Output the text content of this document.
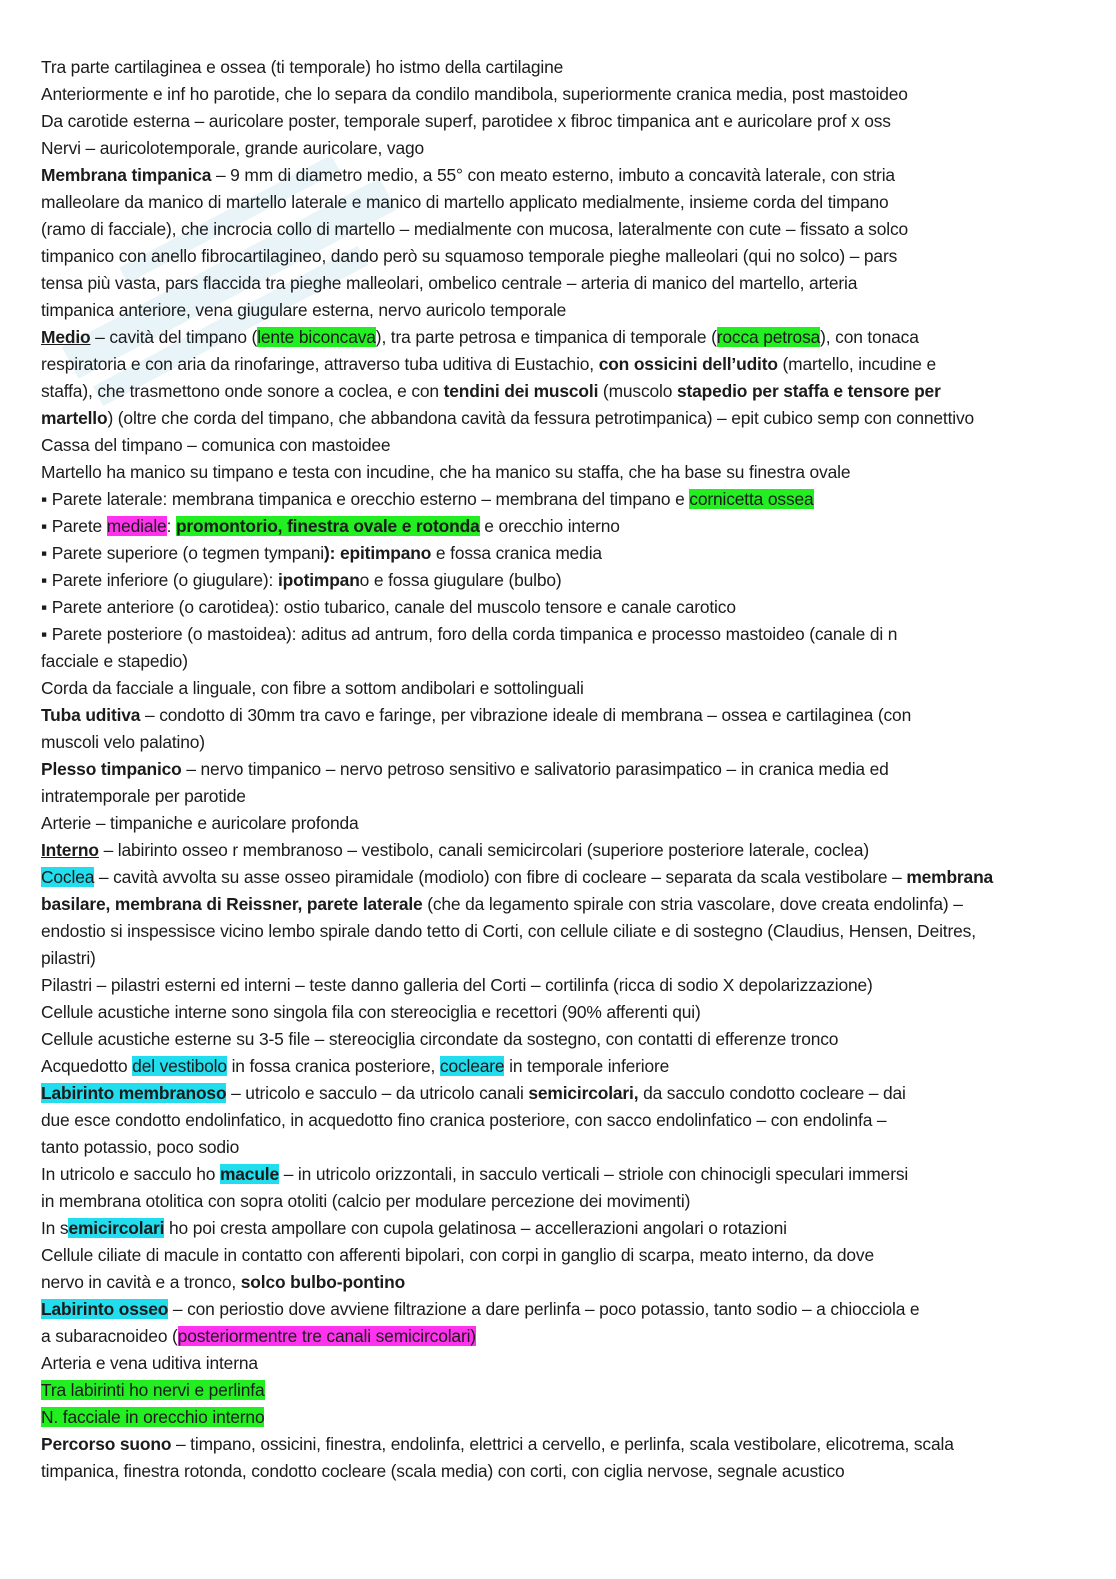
Tra parte cartilaginea e ossea (ti temporale) ho istmo della cartilagine
Anteriormente e inf ho parotide, che lo separa da condilo mandibola, superiormente cranica media, post mastoideo
Da carotide esterna – auricolare poster, temporale superf, parotidee x fibroc timpanica ant e auricolare prof x oss
Nervi – auricolotemporale, grande auricolare, vago
Membrana timpanica – 9 mm di diametro medio, a 55° con meato esterno, imbuto a concavità laterale, con stria
malleolare da manico di martello laterale e manico di martello applicato medialmente, insieme corda del timpano
(ramo di facciale), che incrocia collo di martello – medialmente con mucosa, lateralmente con cute – fissato a solco
timpanico con anello fibrocartilagineo, dando però su squamoso temporale pieghe malleolari (qui no solco) – pars
tensa più vasta, pars flaccida tra pieghe malleolari, ombelico centrale – arteria di manico del martello, arteria
timpanica anteriore, vena giugulare esterna, nervo auricolo temporale
Medio – cavità del timpano (lente biconcava), tra parte petrosa e timpanica di temporale (rocca petrosa), con tonaca
respiratoria e con aria da rinofaringe, attraverso tuba uditiva di Eustachio, con ossicini dell’udito (martello, incudine e
staffa), che trasmettono onde sonore a coclea, e con tendini dei muscoli (muscolo stapedio per staffa e tensore per
martello) (oltre che corda del timpano, che abbandona cavità da fessura petrotimpanica) – epit cubico semp con connettivo
Cassa del timpano – comunica con mastoidee
Martello ha manico su timpano e testa con incudine, che ha manico su staffa, che ha base su finestra ovale
▪ Parete laterale: membrana timpanica e orecchio esterno – membrana del timpano e cornicetta ossea
▪ Parete mediale: promontorio, finestra ovale e rotonda e orecchio interno
▪ Parete superiore (o tegmen tympani): epitimpano e fossa cranica media
▪ Parete inferiore (o giugulare): ipotimpano e fossa giugulare (bulbo)
▪ Parete anteriore (o carotidea): ostio tubarico, canale del muscolo tensore e canale carotico
▪ Parete posteriore (o mastoidea): aditus ad antrum, foro della corda timpanica e processo mastoideo (canale di n
facciale e stapedio)
Corda da facciale a linguale, con fibre a sottom andibolari e sottolinguali
Tuba uditiva – condotto di 30mm tra cavo e faringe, per vibrazione ideale di membrana – ossea e cartilaginea (con
muscoli velo palatino)
Plesso timpanico – nervo timpanico – nervo petroso sensitivo e salivatorio parasimpatico – in cranica media ed
intratemporale per parotide
Arterie – timpaniche e auricolare profonda
Interno – labirinto osseo r membranoso – vestibolo, canali semicircolari (superiore posteriore laterale, coclea)
Coclea – cavità avvolta su asse osseo piramidale (modiolo) con fibre di cocleare – separata da scala vestibolare – membrana
basilare, membrana di Reissner, parete laterale (che da legamento spirale con stria vascolare, dove creata endolinfa) –
endostio si inspessisce vicino lembo spirale dando tetto di Corti, con cellule ciliate e di sostegno (Claudius, Hensen, Deitres,
pilastri)
Pilastri – pilastri esterni ed interni – teste danno galleria del Corti – cortilinfa (ricca di sodio X depolarizzazione)
Cellule acustiche interne sono singola fila con stereociglia e recettori (90% afferenti qui)
Cellule acustiche esterne su 3-5 file – stereociglia circondate da sostegno, con contatti di efferenze tronco
Acquedotto del vestibolo in fossa cranica posteriore, cocleare in temporale inferiore
Labirinto membranoso – utricolo e sacculo – da utricolo canali semicircolari, da sacculo condotto cocleare – dai
due esce condotto endolinfatico, in acquedotto fino cranica posteriore, con sacco endolinfatico – con endolinfa –
tanto potassio, poco sodio
In utricolo e sacculo ho macule – in utricolo orizzontali, in sacculo verticali – striole con chinocigli speculari immersi
in membrana otolitica con sopra otoliti (calcio per modulare percezione dei movimenti)
In semicircolari ho poi cresta ampollare con cupola gelatinosa – accellerazioni angolari o rotazioni
Cellule ciliate di macule in contatto con afferenti bipolari, con corpi in ganglio di scarpa, meato interno, da dove
nervo in cavità e a tronco, solco bulbo-pontino
Labirinto osseo – con periostio dove avviene filtrazione a dare perlinfa – poco potassio, tanto sodio – a chiocciola e
a subaracnoideo (posteriormentre tre canali semicircolari)
Arteria e vena uditiva interna
Tra labirinti ho nervi e perlinfa
N. facciale in orecchio interno
Percorso suono – timpano, ossicini, finestra, endolinfa, elettrici a cervello, e perlinfa, scala vestibolare, elicotrema, scala
timpanica, finestra rotonda, condotto cocleare (scala media) con corti, con ciglia nervose, segnale acustico
